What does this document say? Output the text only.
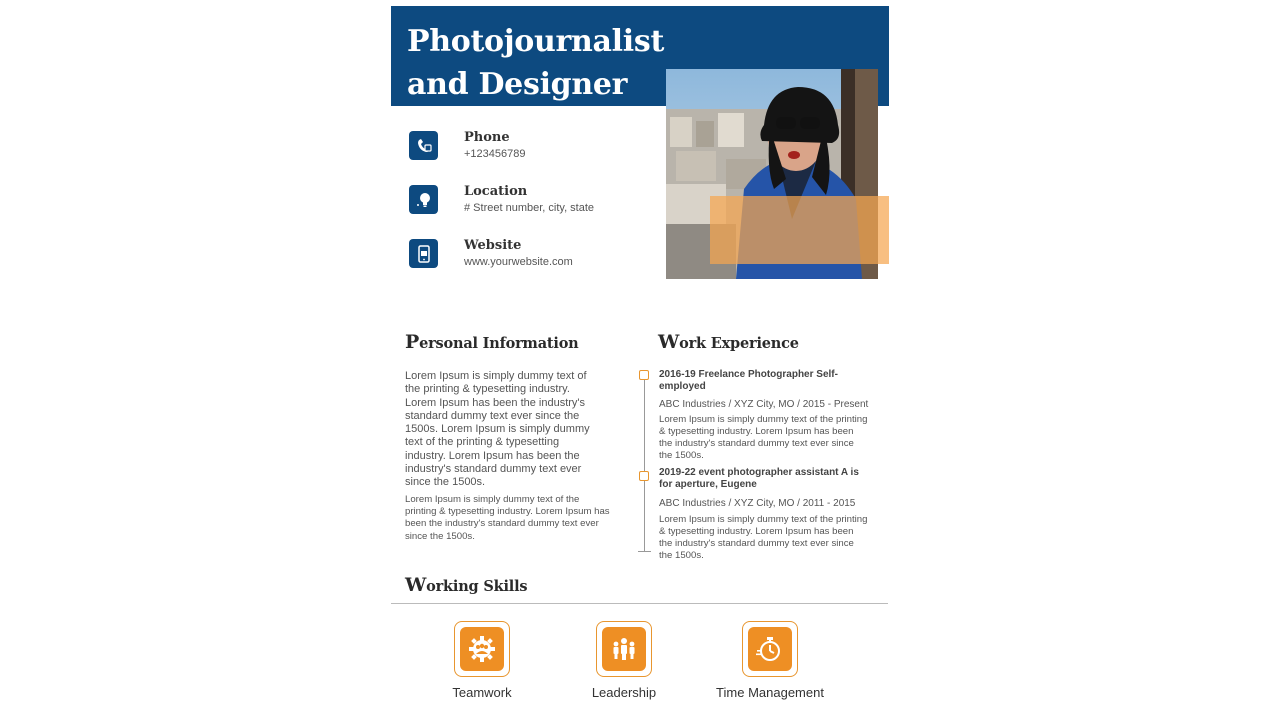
Photojournalist
and Designer
Phone
+123456789
Location
# Street number, city, state
Website
www.yourwebsite.com
Personal Information

Lorem Ipsum is simply dummy text of the printing & typesetting industry. Lorem Ipsum has been the industry's standard dummy text ever since the 1500s. Lorem Ipsum is simply dummy text of the printing & typesetting industry. Lorem Ipsum has been the industry's standard dummy text ever since the 1500s.

Lorem Ipsum is simply dummy text of the printing & typesetting industry. Lorem Ipsum has been the industry's standard dummy text ever since the 1500s.

Work Experience

2016-19 Freelance Photographer Self-employed

ABC Industries / XYZ City, MO / 2015 - Present

Lorem Ipsum is simply dummy text of the printing & typesetting industry. Lorem Ipsum has been the industry's standard dummy text ever since the 1500s.

2019-22 event photographer assistant A is for aperture, Eugene

ABC Industries / XYZ City, MO / 2011 - 2015

Lorem Ipsum is simply dummy text of the printing & typesetting industry. Lorem Ipsum has been the industry's standard dummy text ever since the 1500s.

Working Skills
Teamwork	Leadership	Time Management
